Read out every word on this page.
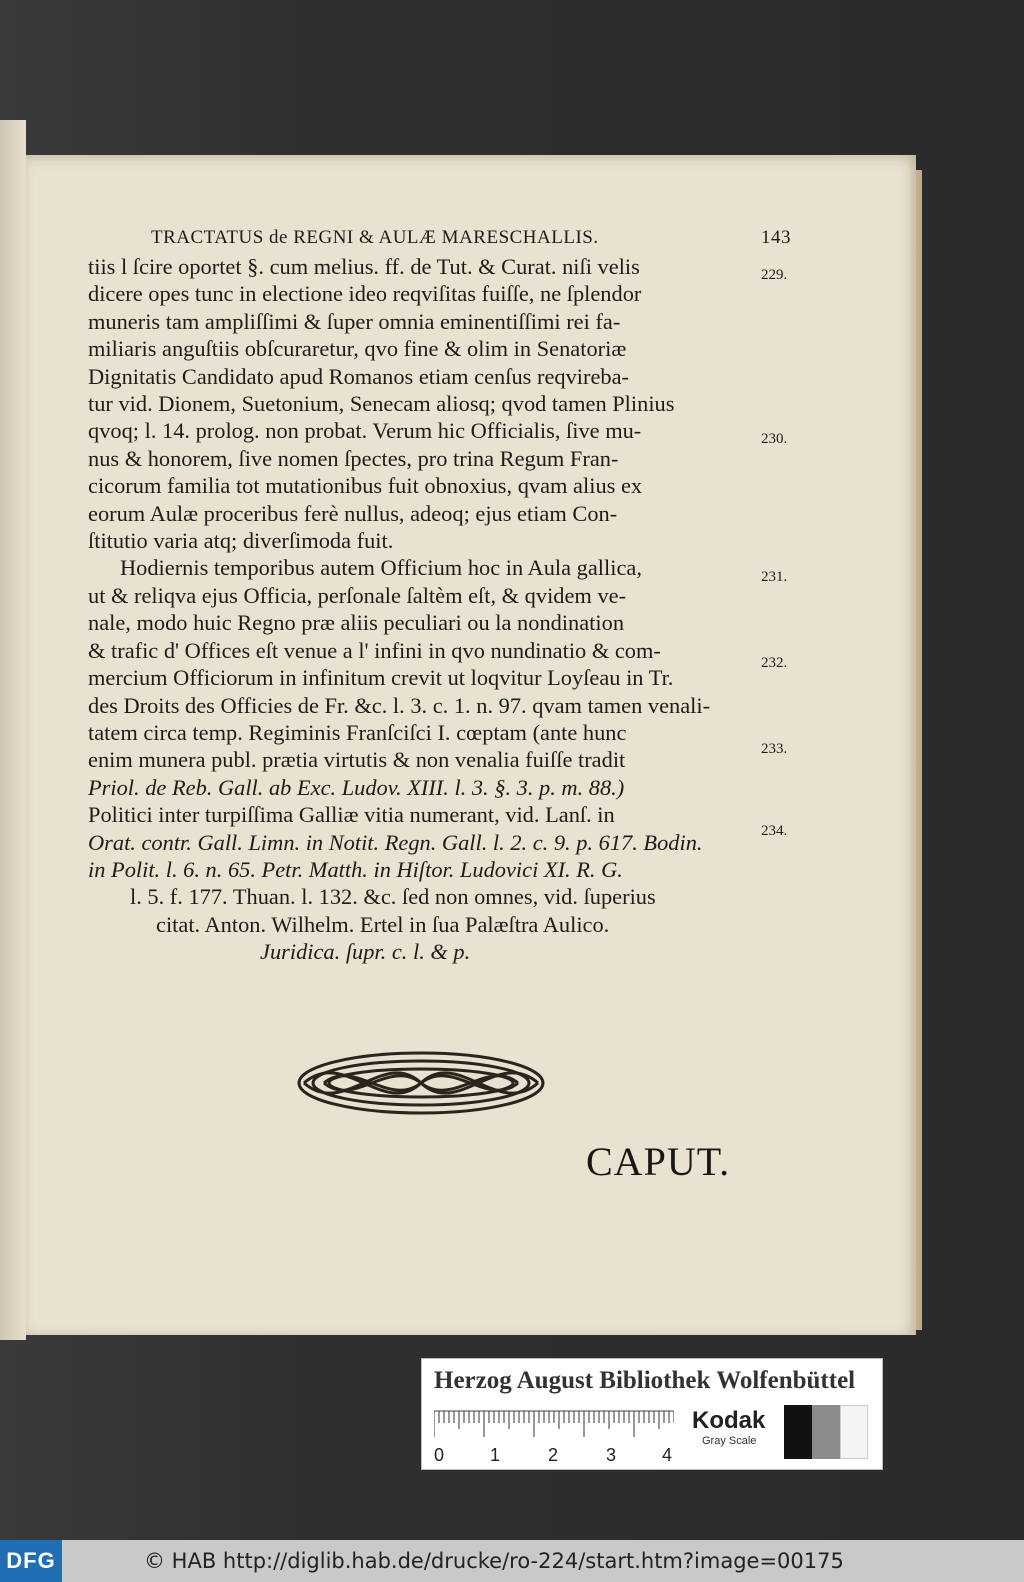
TRACTATUS de REGNI & AULÆ MARESCHALLIS.	143
tiis l ſcire oportet §. cum melius. ff. de Tut. & Curat. niſi velis
dicere opes tunc in electione ideo reqviſitas fuiſſe, ne ſplendor
muneris tam ampliſſimi & ſuper omnia eminentiſſimi rei fa-
miliaris anguſtiis obſcuraretur, qvo fine & olim in Senatoriæ
Dignitatis Candidato apud Romanos etiam cenſus reqvireba-
tur vid. Dionem, Suetonium, Senecam aliosq; qvod tamen Plinius
qvoq; l. 14. prolog. non probat. Verum hic Officialis, ſive mu-
nus & honorem, ſive nomen ſpectes, pro trina Regum Fran-
cicorum familia tot mutationibus fuit obnoxius, qvam alius ex
eorum Aulæ proceribus ferè nullus, adeoq; ejus etiam Con-
ſtitutio varia atq; diverſimoda fuit.
Hodiernis temporibus autem Officium hoc in Aula gallica,
ut & reliqva ejus Officia, perſonale ſaltèm eſt, & qvidem ve-
nale, modo huic Regno præ aliis peculiari ou la nondination
& trafic d' Offices eſt venue a l' infini in qvo nundinatio & com-
mercium Officiorum in infinitum crevit ut loqvitur Loyſeau in Tr.
des Droits des Officies de Fr. &c. l. 3. c. 1. n. 97. qvam tamen venali-
tatem circa temp. Regiminis Franſciſci I. cœptam (ante hunc
enim munera publ. prætia virtutis & non venalia fuiſſe tradit
Priol. de Reb. Gall. ab Exc. Ludov. XIII. l. 3. §. 3. p. m. 88.)
Politici inter turpiſſima Galliæ vitia numerant, vid. Lanſ. in
Orat. contr. Gall. Limn. in Notit. Regn. Gall. l. 2. c. 9. p. 617. Bodin.
in Polit. l. 6. n. 65. Petr. Matth. in Hiſtor. Ludovici XI. R. G.
l. 5. f. 177. Thuan. l. 132. &c. ſed non omnes, vid. ſuperius
citat. Anton. Wilhelm. Ertel in ſua Palæſtra Aulico.
Juridica. ſupr. c. l. & p.
229.
230.
231.
232.
233.
234.
CAPUT.
Herzog August Bibliothek Wolfenbüttel
0	1	2	3	4
Kodak
Gray Scale
DFG	© HAB http://diglib.hab.de/drucke/ro-224/start.htm?image=00175
